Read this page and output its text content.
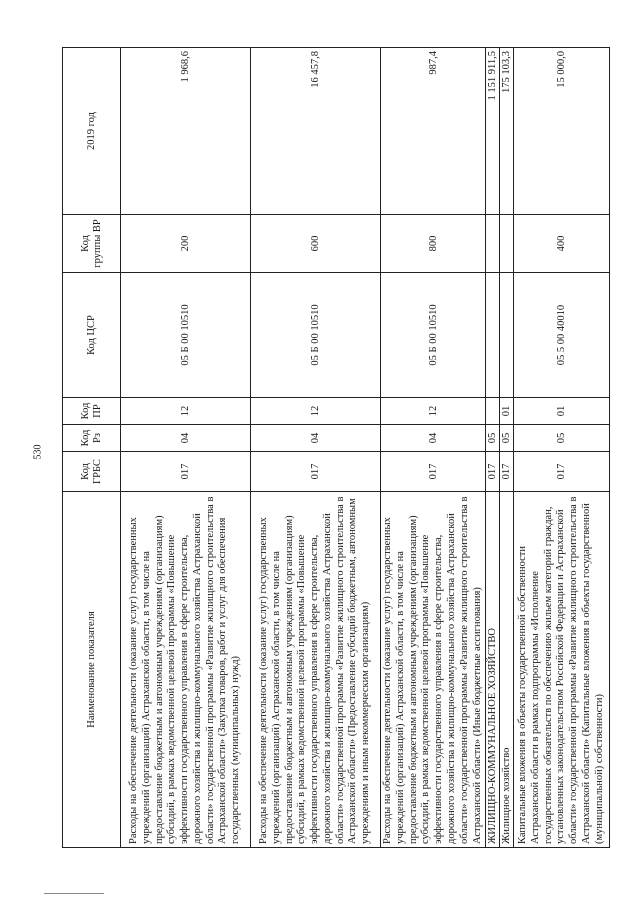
530
Наименование показателя	Код ГРБС	Код Рз	Код ПР	Код ЦСР	Код группы ВР	2019 год
Расходы на обеспечение деятельности (оказание услуг) государственных учреждений (организаций) Астраханской области, в том числе на предоставление бюджетным и автономным учреждениям (организациям) субсидий, в рамках ведомственной целевой программы «Повышение эффективности государственного управления в сфере строительства, дорожного хозяйства и жилищно-коммунального хозяйства Астраханской области» государственной программы «Развитие жилищного строительства в Астраханской области» (Закупка товаров, работ и услуг для обеспечения государственных (муниципальных) нужд)	017	04	12	05 Б 00 10510	200	1 968,6
Расходы на обеспечение деятельности (оказание услуг) государственных учреждений (организаций) Астраханской области, в том числе на предоставление бюджетным и автономным учреждениям (организациям) субсидий, в рамках ведомственной целевой программы «Повышение эффективности государственного управления в сфере строительства, дорожного хозяйства и жилищно-коммунального хозяйства Астраханской области» государственной программы «Развитие жилищного строительства в Астраханской области» (Предоставление субсидий бюджетным, автономным учреждениям и иным некоммерческим организациям)	017	04	12	05 Б 00 10510	600	16 457,8
Расходы на обеспечение деятельности (оказание услуг) государственных учреждений (организаций) Астраханской области, в том числе на предоставление бюджетным и автономным учреждениям (организациям) субсидий, в рамках ведомственной целевой программы «Повышение эффективности государственного управления в сфере строительства, дорожного хозяйства и жилищно-коммунального хозяйства Астраханской области» государственной программы «Развитие жилищного строительства в Астраханской области» (Иные бюджетные ассигнования)	017	04	12	05 Б 00 10510	800	987,4
ЖИЛИЩНО-КОММУНАЛЬНОЕ ХОЗЯЙСТВО	017	05				1 151 911,5
Жилищное хозяйство	017	05	01			175 103,3
Капитальные вложения в объекты государственной собственности Астраханской области в рамках подпрограммы «Исполнение государственных обязательств по обеспечению жильем категорий граждан, установленных законодательством Российской Федерации и Астраханской области» государственной программы «Развитие жилищного строительства в Астраханской области» (Капитальные вложения в объекты государственной (муниципальной) собственности)	017	05	01	05 5 00 40010	400	15 000,0
